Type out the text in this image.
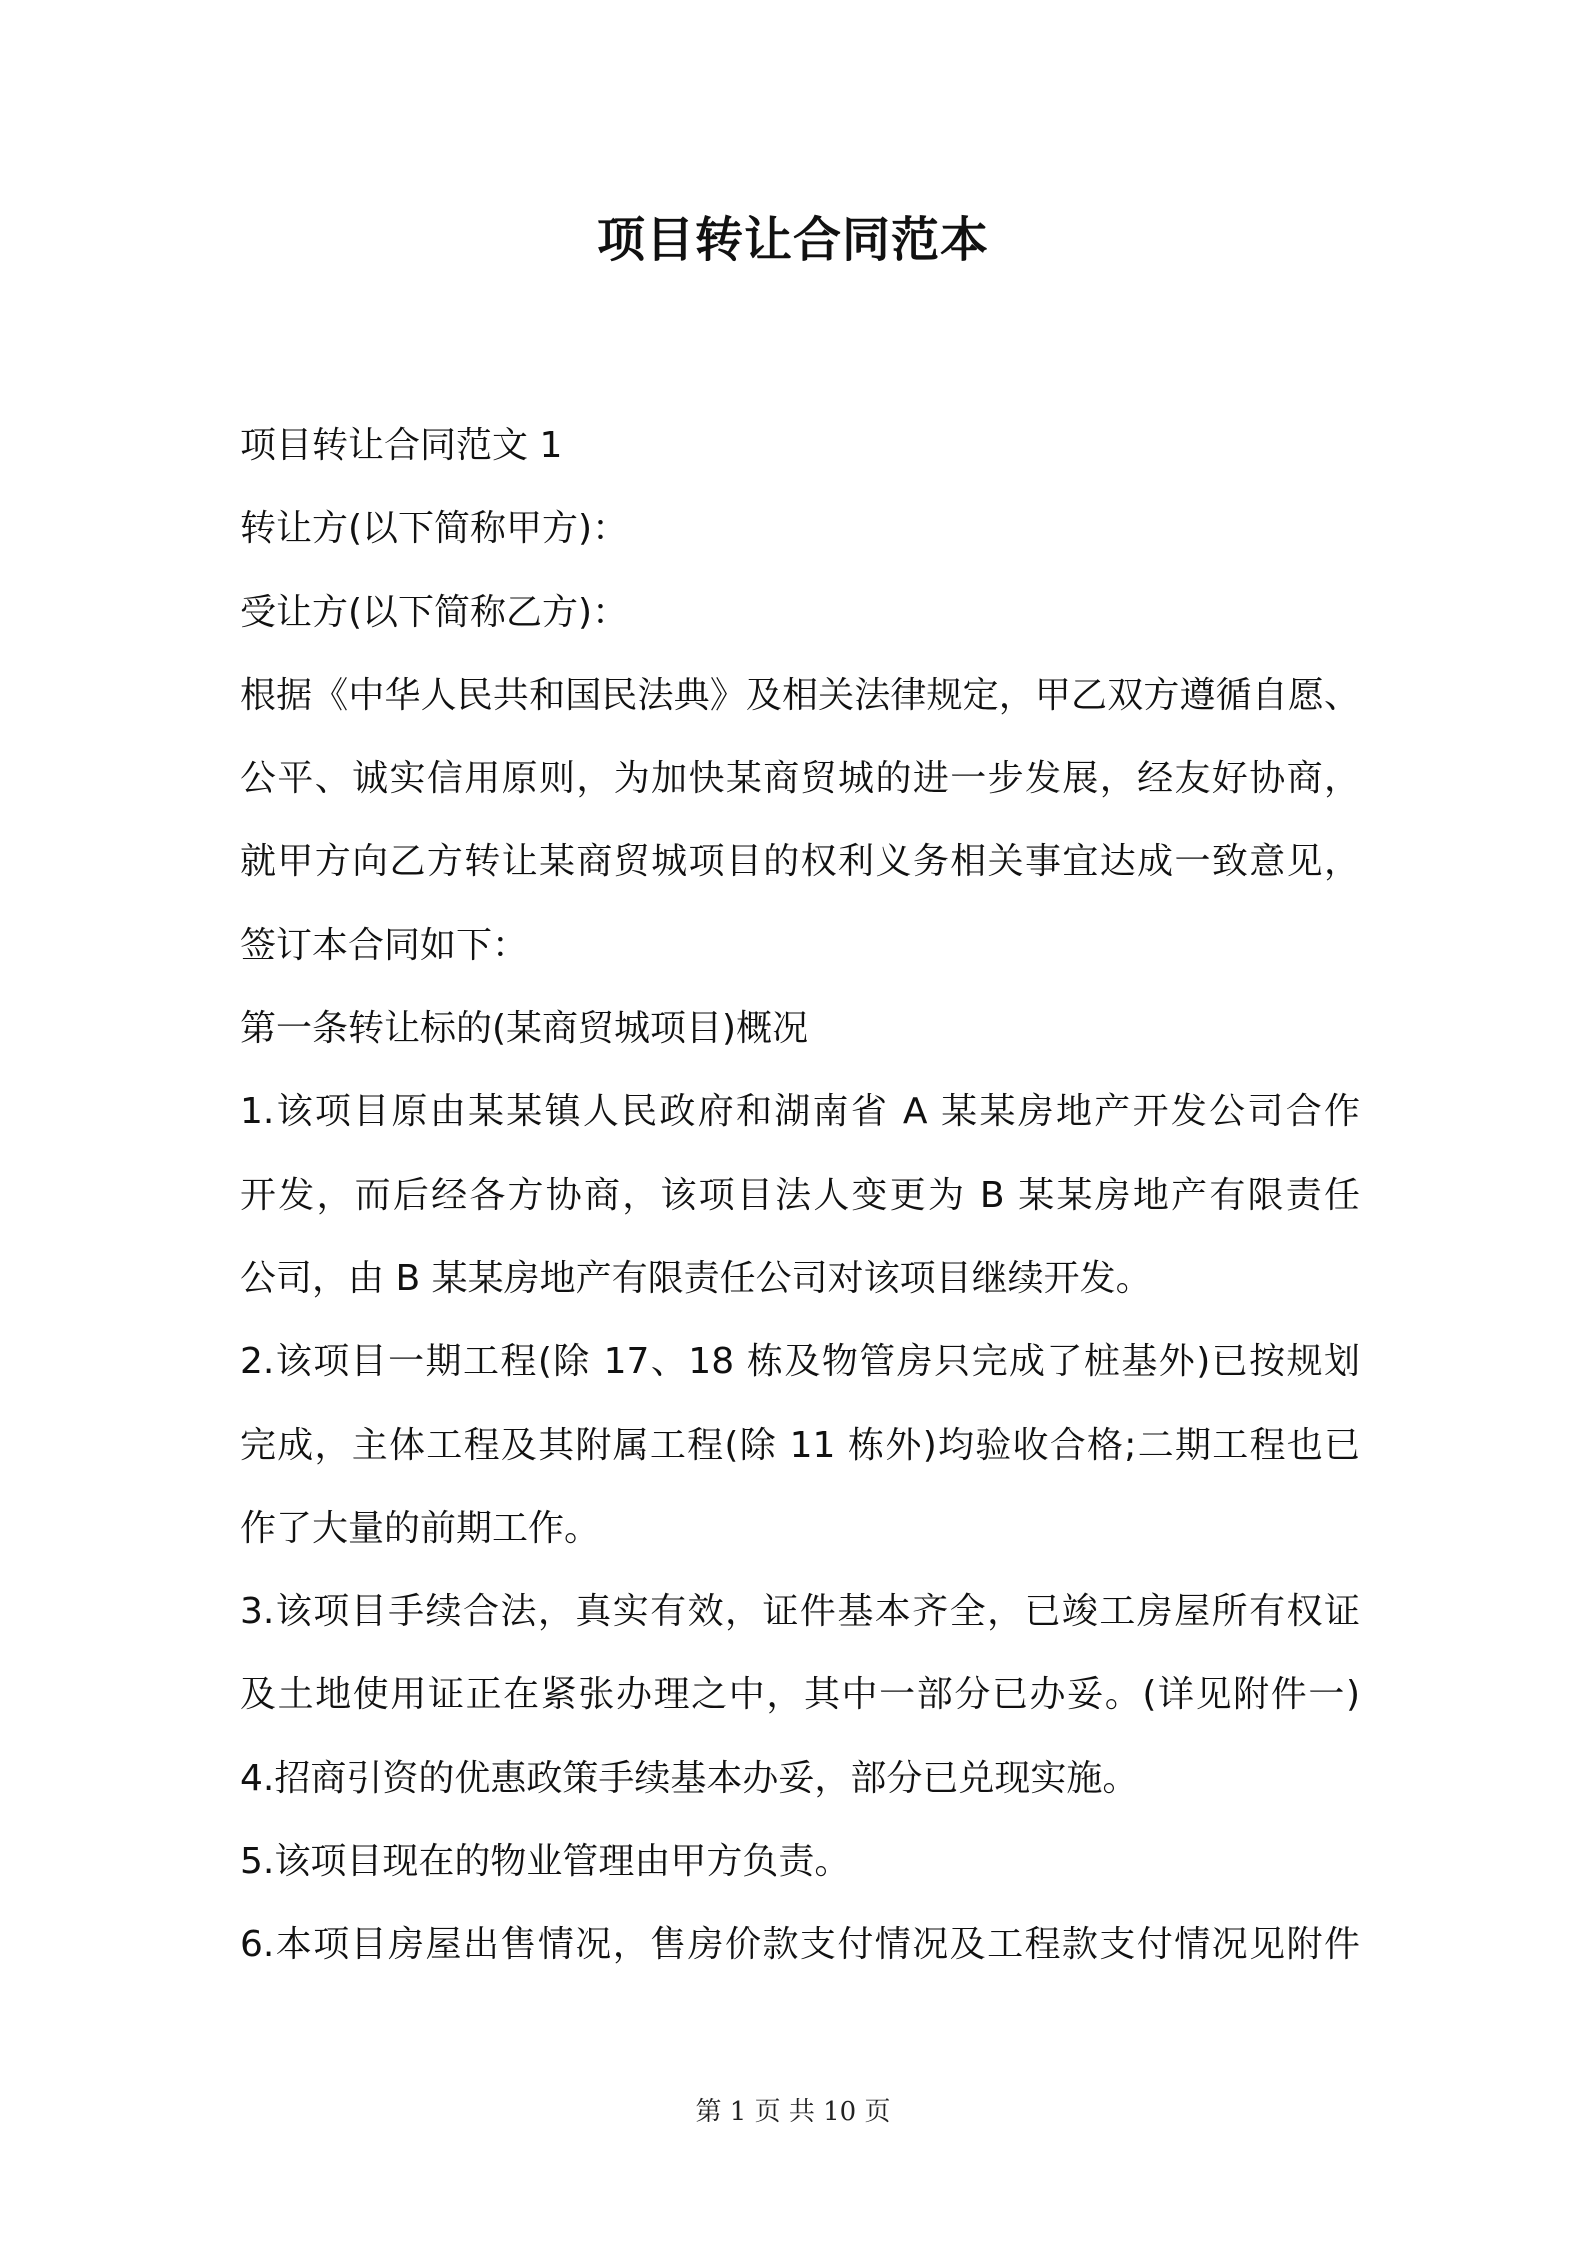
项目转让合同范本
项目转让合同范文 1
转让方(以下简称甲方)：
受让方(以下简称乙方)：
根据《中华人民共和国民法典》及相关法律规定，甲乙双方遵循自愿、
公平、诚实信用原则，为加快某商贸城的进一步发展，经友好协商，
就甲方向乙方转让某商贸城项目的权利义务相关事宜达成一致意见，
签订本合同如下：
第一条转让标的(某商贸城项目)概况
1.该项目原由某某镇人民政府和湖南省 A 某某房地产开发公司合作
开发，而后经各方协商，该项目法人变更为 B 某某房地产有限责任
公司，由 B 某某房地产有限责任公司对该项目继续开发。
2.该项目一期工程(除 17、18 栋及物管房只完成了桩基外)已按规划
完成，主体工程及其附属工程(除 11 栋外)均验收合格;二期工程也已
作了大量的前期工作。
3.该项目手续合法，真实有效，证件基本齐全，已竣工房屋所有权证
及土地使用证正在紧张办理之中，其中一部分已办妥。(详见附件一)
4.招商引资的优惠政策手续基本办妥，部分已兑现实施。
5.该项目现在的物业管理由甲方负责。
6.本项目房屋出售情况，售房价款支付情况及工程款支付情况见附件
第 1 页 共 10 页
